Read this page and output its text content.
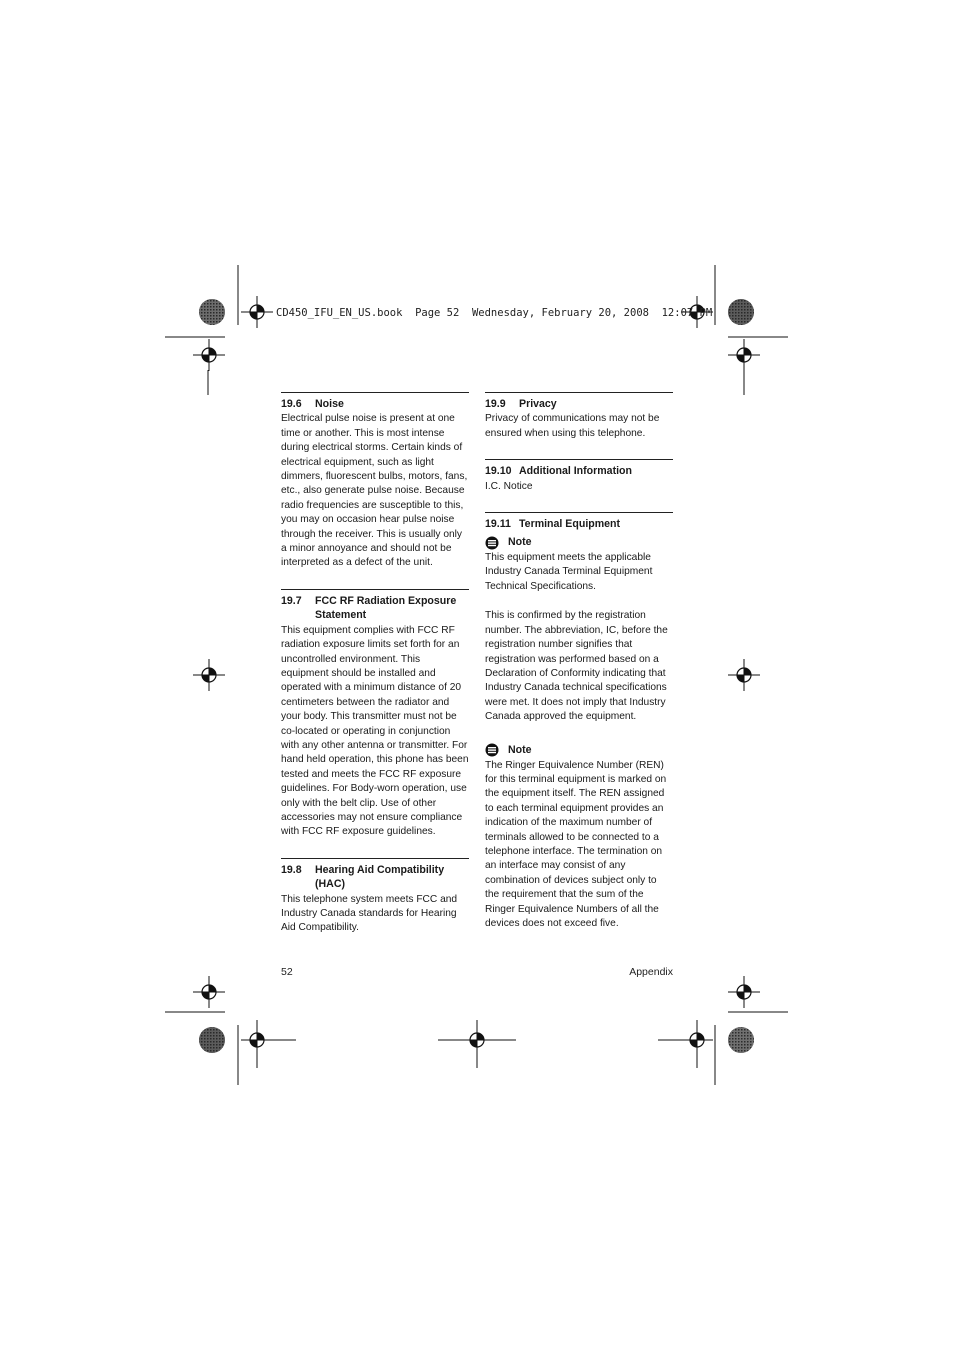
CD450_IFU_EN_US.book  Page 52  Wednesday, February 20, 2008  12:07 PM
19.6	Noise

Electrical pulse noise is present at one time or another. This is most intense during electrical storms. Certain kinds of electrical equipment, such as light dimmers, fluorescent bulbs, motors, fans, etc., also generate pulse noise. Because radio frequencies are susceptible to this, you may on occasion hear pulse noise through the receiver. This is usually only a minor annoyance and should not be interpreted as a defect of the unit.

19.7	FCC RF Radiation Exposure Statement

This equipment complies with FCC RF radiation exposure limits set forth for an uncontrolled environment. This equipment should be installed and operated with a minimum distance of 20 centimeters between the radiator and your body. This transmitter must not be co-located or operating in conjunction with any other antenna or transmitter. For hand held operation, this phone has been tested and meets the FCC RF exposure guidelines. For Body-worn operation, use only with the belt clip. Use of other accessories may not ensure compliance with FCC RF exposure guidelines.

19.8	Hearing Aid Compatibility (HAC)

This telephone system meets FCC and Industry Canada standards for Hearing Aid Compatibility.

19.9	Privacy

Privacy of communications may not be ensured when using this telephone.

19.10 Additional Information

I.C. Notice

19.11 Terminal Equipment
Note

This equipment meets the applicable Industry Canada Terminal Equipment Technical Specifications.

This is confirmed by the registration number. The abbreviation, IC, before the registration number signifies that registration was performed based on a Declaration of Conformity indicating that Industry Canada technical specifications were met. It does not imply that Industry Canada approved the equipment.

Note

The Ringer Equivalence Number (REN) for this terminal equipment is marked on the equipment itself. The REN assigned to each terminal equipment provides an indication of the maximum number of terminals allowed to be connected to a telephone interface. The termination on an interface may consist of any combination of devices subject only to the requirement that the sum of the Ringer Equivalence Numbers of all the devices does not exceed five.

52	Appendix
